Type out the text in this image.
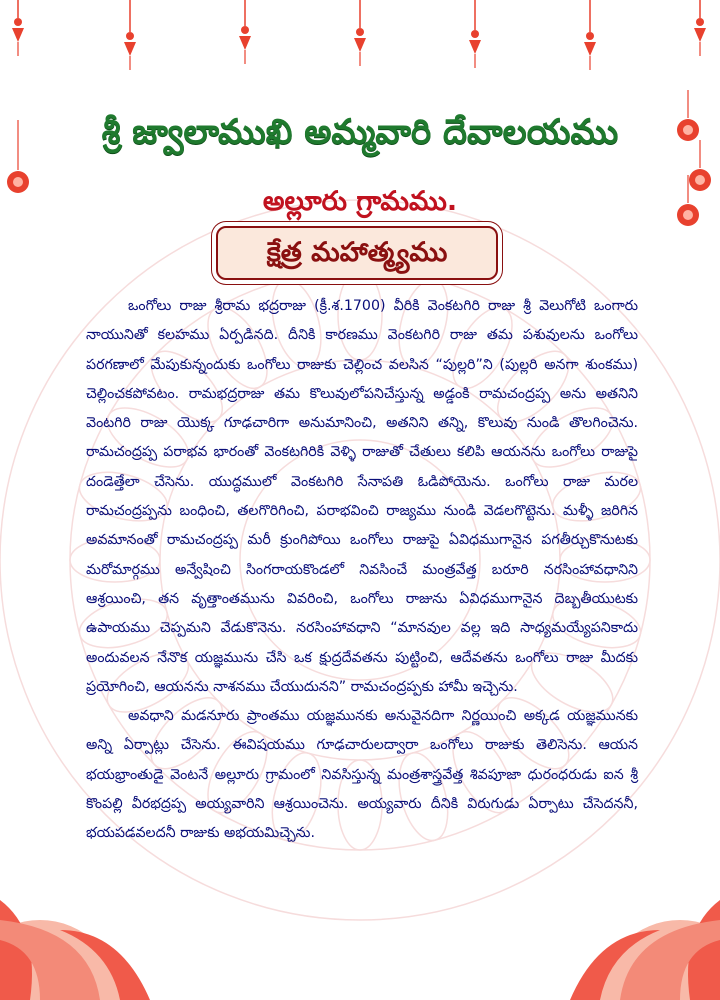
శ్రీ జ్వాలాముఖి అమ్మవారి దేవాలయము
అల్లూరు గ్రామము.
క్షేత్ర మహాత్మ్యము

ఒంగోలు రాజు శ్రీరామ భద్రరాజు (క్రీ.శ.1700) వీరికి వెంకటగిరి రాజు శ్రీ వెలుగోటి ఒంగారు నాయునితో కలహము ఏర్పడినది. దీనికి కారణము వెంకటగిరి రాజు తమ పశువులను ఒంగోలు పరగణాలో మేపుకున్నందుకు ఒంగోలు రాజుకు చెల్లించ వలసిన “పుల్లరి”ని (పుల్లరి అనగా శుంకము) చెల్లించకపోవటం. రామభద్రరాజు తమ కొలువులోపనిచేస్తున్న అడ్డంకి రామచంద్రప్ప అను అతనిని వెంటగిరి రాజు యొక్క గూఢచారిగా అనుమానించి, అతనిని తన్ని, కొలువు నుండి తొలగించెను. రామచంద్రప్ప పరాభవ భారంతో వెంకటగిరికి వెళ్ళి రాజుతో చేతులు కలిపి ఆయనను ఒంగోలు రాజుపై దండెత్తేలా చేసెను. యుద్ధములో వెంకటగిరి సేనాపతి ఓడిపోయెను. ఒంగోలు రాజు మరల రామచంద్రప్పను బంధించి, తలగొరిగించి, పరాభవించి రాజ్యము నుండి వెడలగొట్టెను. మళ్ళీ జరిగిన అవమానంతో రామచంద్రప్ప మరీ క్రుంగిపోయి ఒంగోలు రాజుపై ఏవిధముగానైన పగతీర్చుకొనుటకు మరోమార్గము అన్వేషించి సింగరాయకొండలో నివసించే మంత్రవేత్త బరూరి నరసింహావధానిని ఆశ్రయించి, తన వృత్తాంతమును వివరించి, ఒంగోలు రాజును ఏవిధముగానైన దెబ్బతీయుటకు ఉపాయము చెప్పమని వేడుకొనెను. నరసింహావధాని “మానవుల వల్ల ఇది సాధ్యమయ్యేపనికాదు అందువలన నేనొక యజ్ఞమును చేసి ఒక క్షుద్రదేవతను పుట్టించి, ఆదేవతను ఒంగోలు రాజు మీదకు ప్రయోగించి, ఆయనను నాశనము చేయుదునని” రామచంద్రప్పకు హామీ ఇచ్చెను.

అవధాని మడనూరు ప్రాంతము యజ్ఞమునకు అనువైనదిగా నిర్ణయించి అక్కడ యజ్ఞమునకు అన్ని ఏర్పాట్లు చేసెను. ఈవిషయము గూఢచారులద్వారా ఒంగోలు రాజుకు తెలిసెను. ఆయన భయభ్రాంతుడై వెంటనే అల్లూరు గ్రామంలో నివసిస్తున్న మంత్రశాస్త్రవేత్త శివపూజా ధురంధరుడు ఐన శ్రీ కొంపల్లి వీరభద్రప్ప అయ్యవారిని ఆశ్రయించెను. అయ్యవారు దీనికి విరుగుడు ఏర్పాటు చేసెదననీ, భయపడవలదనీ రాజుకు అభయమిచ్చెను.
